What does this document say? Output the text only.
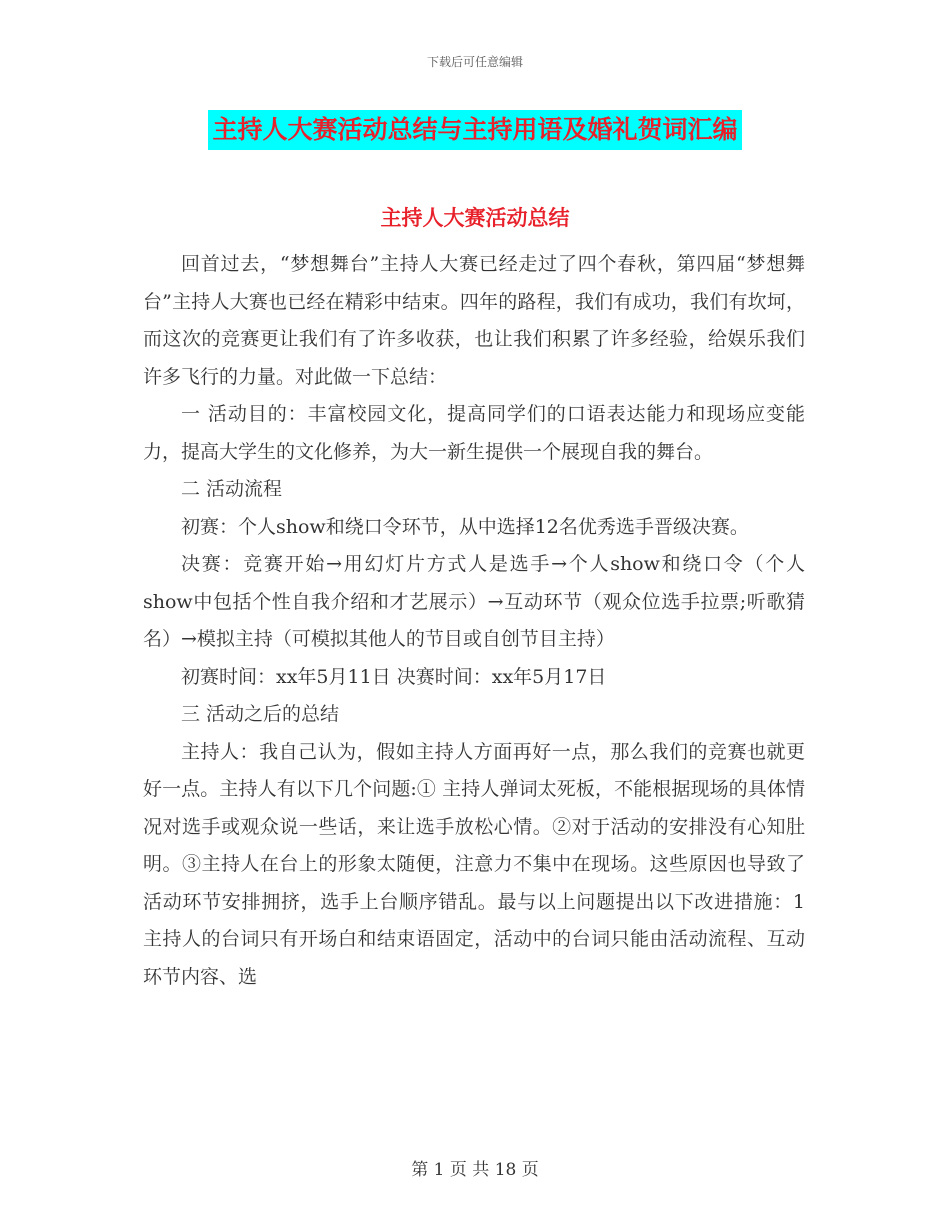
下载后可任意编辑
主持人大赛活动总结与主持用语及婚礼贺词汇编
主持人大赛活动总结

回首过去，“梦想舞台”主持人大赛已经走过了四个春秋，第四届“梦想舞台”主持人大赛也已经在精彩中结束。四年的路程，我们有成功，我们有坎坷，而这次的竞赛更让我们有了许多收获，也让我们积累了许多经验，给娱乐我们许多飞行的力量。对此做一下总结：

一 活动目的：丰富校园文化，提高同学们的口语表达能力和现场应变能力，提高大学生的文化修养，为大一新生提供一个展现自我的舞台。

二 活动流程

初赛：个人show和绕口令环节，从中选择12名优秀选手晋级决赛。

决赛：竞赛开始→用幻灯片方式人是选手→个人show和绕口令（个人show中包括个性自我介绍和才艺展示）→互动环节（观众位选手拉票;听歌猜名）→模拟主持（可模拟其他人的节目或自创节目主持）

初赛时间：xx年5月11日 决赛时间：xx年5月17日

三 活动之后的总结

主持人：我自己认为，假如主持人方面再好一点，那么我们的竞赛也就更好一点。主持人有以下几个问题:① 主持人弹词太死板，不能根据现场的具体情况对选手或观众说一些话，来让选手放松心情。②对于活动的安排没有心知肚明。③主持人在台上的形象太随便，注意力不集中在现场。这些原因也导致了活动环节安排拥挤，选手上台顺序错乱。最与以上问题提出以下改进措施：1 主持人的台词只有开场白和结束语固定，活动中的台词只能由活动流程、互动环节内容、选

第 1 页 共 18 页
